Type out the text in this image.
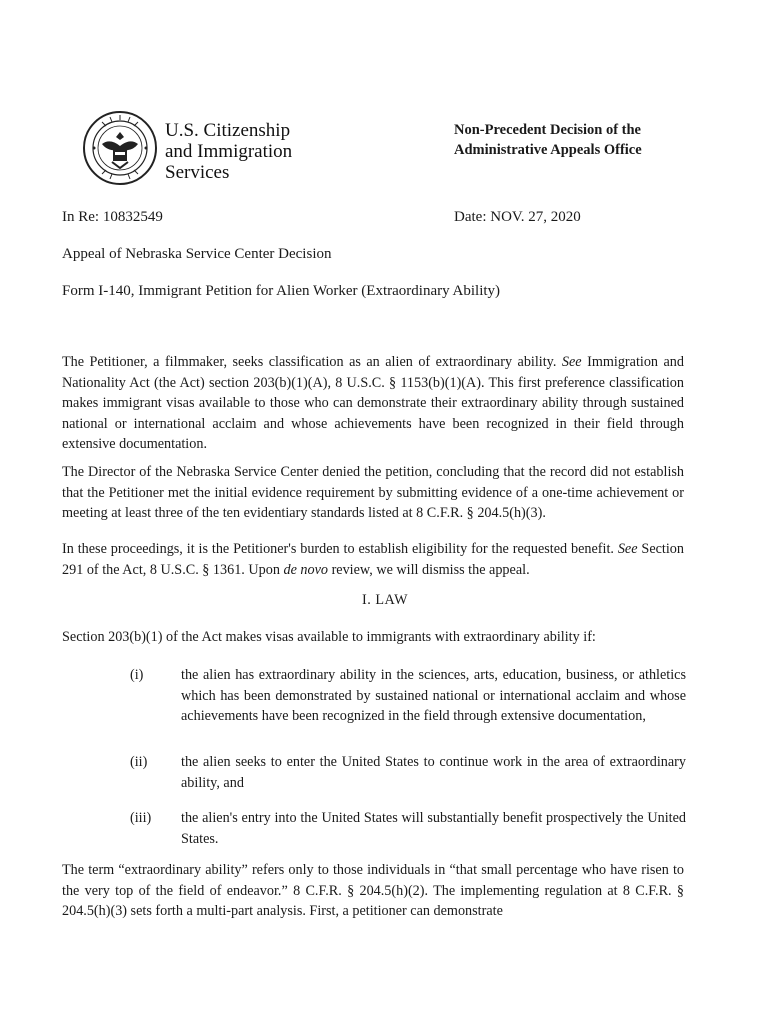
U.S. Citizenship
and Immigration
Services
Non-Precedent Decision of the
Administrative Appeals Office
In Re: 10832549	Date: NOV. 27, 2020
Appeal of Nebraska Service Center Decision
Form I-140, Immigrant Petition for Alien Worker (Extraordinary Ability)
The Petitioner, a filmmaker, seeks classification as an alien of extraordinary ability. See Immigration and Nationality Act (the Act) section 203(b)(1)(A), 8 U.S.C. § 1153(b)(1)(A). This first preference classification makes immigrant visas available to those who can demonstrate their extraordinary ability through sustained national or international acclaim and whose achievements have been recognized in their field through extensive documentation.
The Director of the Nebraska Service Center denied the petition, concluding that the record did not establish that the Petitioner met the initial evidence requirement by submitting evidence of a one-time achievement or meeting at least three of the ten evidentiary standards listed at 8 C.F.R. § 204.5(h)(3).
In these proceedings, it is the Petitioner's burden to establish eligibility for the requested benefit. See Section 291 of the Act, 8 U.S.C. § 1361. Upon de novo review, we will dismiss the appeal.
I. LAW
Section 203(b)(1) of the Act makes visas available to immigrants with extraordinary ability if:
(i)	the alien has extraordinary ability in the sciences, arts, education, business, or athletics which has been demonstrated by sustained national or international acclaim and whose achievements have been recognized in the field through extensive documentation,
(ii)	the alien seeks to enter the United States to continue work in the area of extraordinary ability, and
(iii)	the alien's entry into the United States will substantially benefit prospectively the United States.
The term “extraordinary ability” refers only to those individuals in “that small percentage who have risen to the very top of the field of endeavor.” 8 C.F.R. § 204.5(h)(2). The implementing regulation at 8 C.F.R. § 204.5(h)(3) sets forth a multi-part analysis. First, a petitioner can demonstrate
